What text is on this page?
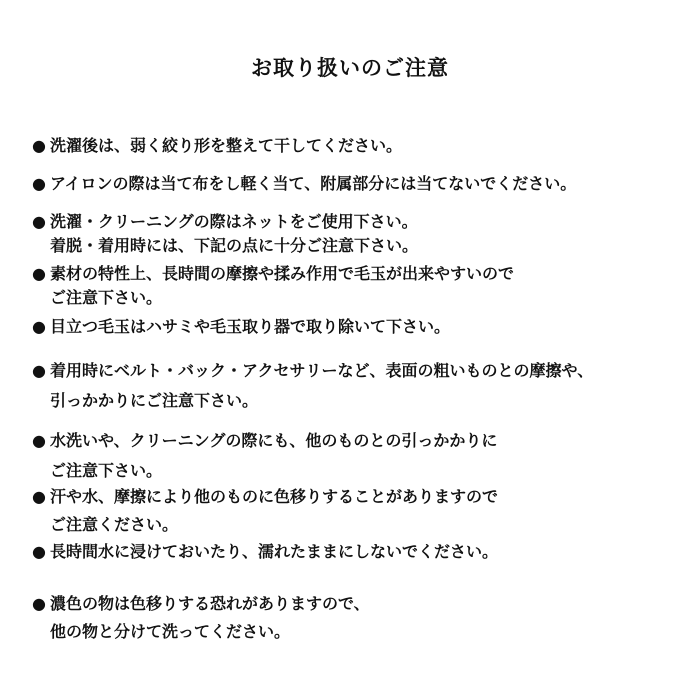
お取り扱いのご注意
● 洗濯後は、弱く絞り形を整えて干してください。
● アイロンの際は当て布をし軽く当て、附属部分には当てないでください。
● 洗濯・クリーニングの際はネットをご使用下さい。
着脱・着用時には、下記の点に十分ご注意下さい。
● 素材の特性上、長時間の摩擦や揉み作用で毛玉が出来やすいので
ご注意下さい。
● 目立つ毛玉はハサミや毛玉取り器で取り除いて下さい。
● 着用時にベルト・バック・アクセサリーなど、表面の粗いものとの摩擦や、
引っかかりにご注意下さい。
● 水洗いや、クリーニングの際にも、他のものとの引っかかりに
ご注意下さい。
● 汗や水、摩擦により他のものに色移りすることがありますので
ご注意ください。
● 長時間水に浸けておいたり、濡れたままにしないでください。
● 濃色の物は色移りする恐れがありますので、
他の物と分けて洗ってください。
